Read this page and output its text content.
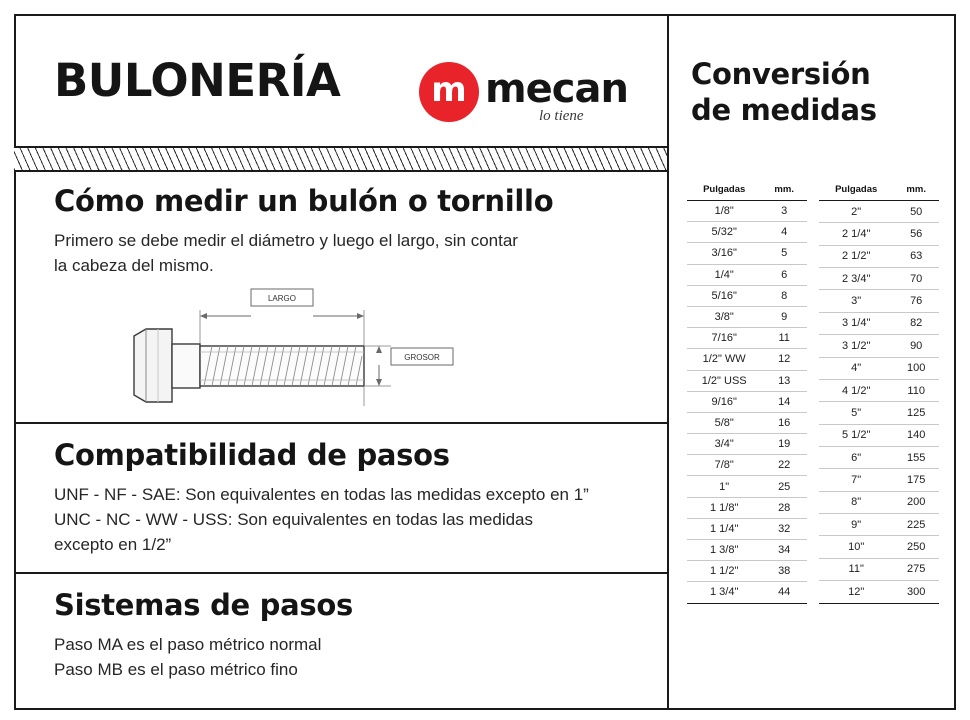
BULONERÍA	m mecan
lo tiene
Cómo medir un bulón o tornillo

Primero se debe medir el diámetro y luego el largo, sin contar

la cabeza del mismo.

LARGO
GROSOR
Compatibilidad de pasos

UNF - NF - SAE: Son equivalentes en todas las medidas excepto en 1”

UNC - NC - WW - USS: Son equivalentes en todas las medidas

excepto en 1/2”

Sistemas de pasos

Paso MA es el paso métrico normal

Paso MB es el paso métrico fino

Conversión
de medidas
Pulgadas	mm.
1/8"	3
5/32"	4
3/16"	5
1/4"	6
5/16"	8
3/8"	9
7/16"	11
1/2" WW	12
1/2" USS	13
9/16"	14
5/8"	16
3/4"	19
7/8"	22
1"	25
1 1/8"	28
1 1/4"	32
1 3/8"	34
1 1/2"	38
1 3/4"	44
Pulgadas	mm.
2"	50
2 1/4"	56
2 1/2"	63
2 3/4"	70
3"	76
3 1/4"	82
3 1/2"	90
4"	100
4 1/2"	110
5"	125
5 1/2"	140
6"	155
7"	175
8"	200
9"	225
10"	250
11"	275
12"	300
